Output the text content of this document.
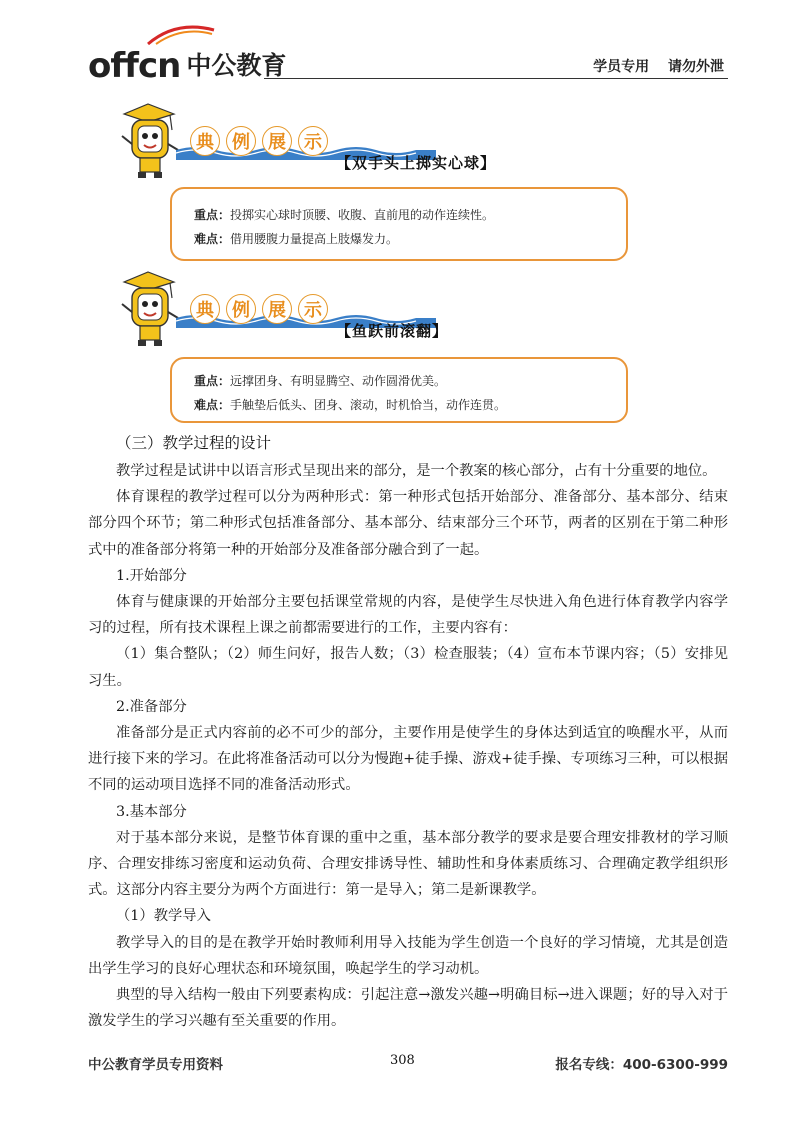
offcn 中公教育	学员专用 请勿外泄
典	例	展	示
【双手头上掷实心球】
重点：投掷实心球时顶腰、收腹、直前甩的动作连续性。
难点：借用腰腹力量提高上肢爆发力。
典	例	展	示
【鱼跃前滚翻】
重点：远撑团身、有明显腾空、动作圆滑优美。
难点：手触垫后低头、团身、滚动，时机恰当，动作连贯。
（三）教学过程的设计

教学过程是试讲中以语言形式呈现出来的部分，是一个教案的核心部分，占有十分重要的地位。

体育课程的教学过程可以分为两种形式：第一种形式包括开始部分、准备部分、基本部分、结束部分四个环节；第二种形式包括准备部分、基本部分、结束部分三个环节，两者的区别在于第二种形式中的准备部分将第一种的开始部分及准备部分融合到了一起。

1.开始部分

体育与健康课的开始部分主要包括课堂常规的内容，是使学生尽快进入角色进行体育教学内容学习的过程，所有技术课程上课之前都需要进行的工作，主要内容有：

（1）集合整队；（2）师生问好，报告人数；（3）检查服装；（4）宣布本节课内容；（5）安排见习生。

2.准备部分

准备部分是正式内容前的必不可少的部分，主要作用是使学生的身体达到适宜的唤醒水平，从而进行接下来的学习。在此将准备活动可以分为慢跑+徒手操、游戏+徒手操、专项练习三种，可以根据不同的运动项目选择不同的准备活动形式。

3.基本部分

对于基本部分来说，是整节体育课的重中之重，基本部分教学的要求是要合理安排教材的学习顺序、合理安排练习密度和运动负荷、合理安排诱导性、辅助性和身体素质练习、合理确定教学组织形式。这部分内容主要分为两个方面进行：第一是导入；第二是新课教学。

（1）教学导入

教学导入的目的是在教学开始时教师利用导入技能为学生创造一个良好的学习情境，尤其是创造出学生学习的良好心理状态和环境氛围，唤起学生的学习动机。

典型的导入结构一般由下列要素构成：引起注意→激发兴趣→明确目标→进入课题；好的导入对于激发学生的学习兴趣有至关重要的作用。

中公教育学员专用资料	308	报名专线：400-6300-999
